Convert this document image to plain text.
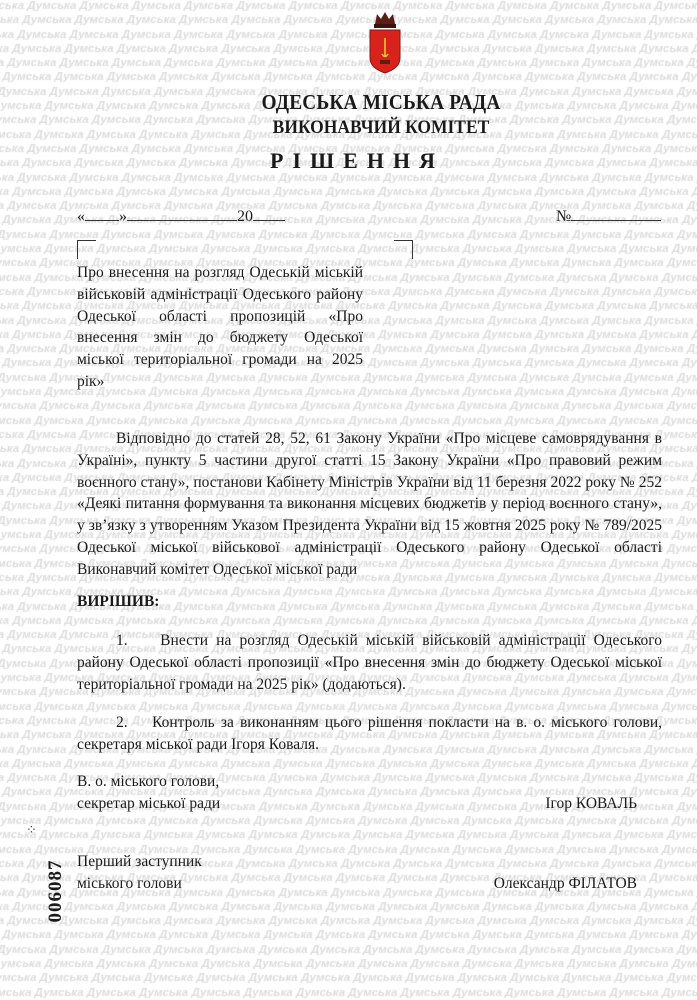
ОДЕСЬКА МІСЬКА РАДА
ВИКОНАВЧИЙ КОМІТЕТ
РІШЕННЯ
« »	20	№
Про внесення на розгляд Одеській міській військовій адміністрації Одеського району Одеської області пропозицій «Про внесення змін до бюджету Одеської міської територіальної громади на 2025 рік»
Відповідно до статей 28, 52, 61 Закону України «Про місцеве самоврядування в Україні», пункту 5 частини другої статті 15 Закону України «Про правовий режим воєнного стану», постанови Кабінету Міністрів України від 11 березня 2022 року № 252 «Деякі питання формування та виконання місцевих бюджетів у період воєнного стану», у зв’язку з утворенням Указом Президента України від 15 жовтня 2025 року № 789/2025 Одеської міської військової адміністрації Одеського району Одеської області Виконавчий комітет Одеської міської ради
ВИРІШИВ:
1.    Внести на розгляд Одеській міській військовій адміністрації Одеського району Одеської області пропозиції «Про внесення змін до бюджету Одеської міської територіальної громади на 2025 рік» (додаються).
2.    Контроль за виконанням цього рішення покласти на в. о. міського голови, секретаря міської ради Ігоря Коваля.
В. о. міського голови,
секретар міської ради	Ігор КОВАЛЬ
Перший заступник
міського голови	Олександр ФІЛАТОВ
⁘
006087
